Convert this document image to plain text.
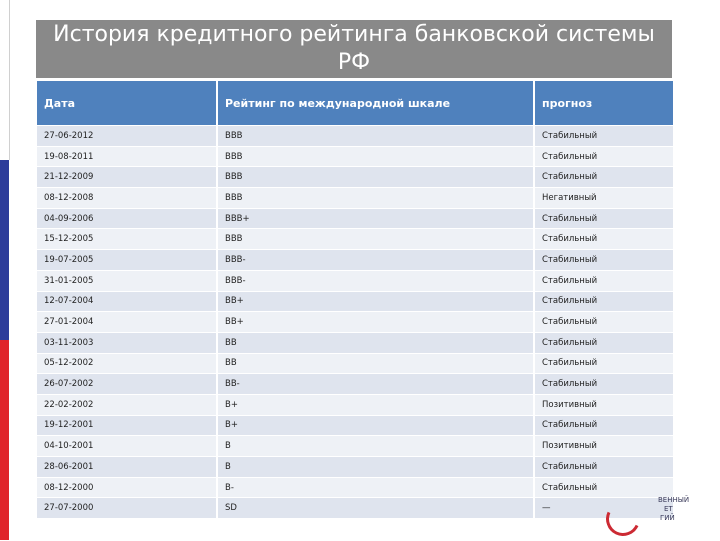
История кредитного рейтинга банковской системы РФ
Дата	Рейтинг по международной шкале	прогноз
27-06-2012	BBB	Стабильный
19-08-2011	BBB	Стабильный
21-12-2009	BBB	Стабильный
08-12-2008	BBB	Негативный
04-09-2006	BBB+	Стабильный
15-12-2005	BBB	Стабильный
19-07-2005	BBB-	Стабильный
31-01-2005	BBB-	Стабильный
12-07-2004	BB+	Стабильный
27-01-2004	BB+	Стабильный
03-11-2003	BB	Стабильный
05-12-2002	BB	Стабильный
26-07-2002	BB-	Стабильный
22-02-2002	B+	Позитивный
19-12-2001	B+	Стабильный
04-10-2001	B	Позитивный
28-06-2001	B	Стабильный
08-12-2000	B-	Стабильный
27-07-2000	SD	—
ВЕННЫЙ
ЕТ
ГИЙ
